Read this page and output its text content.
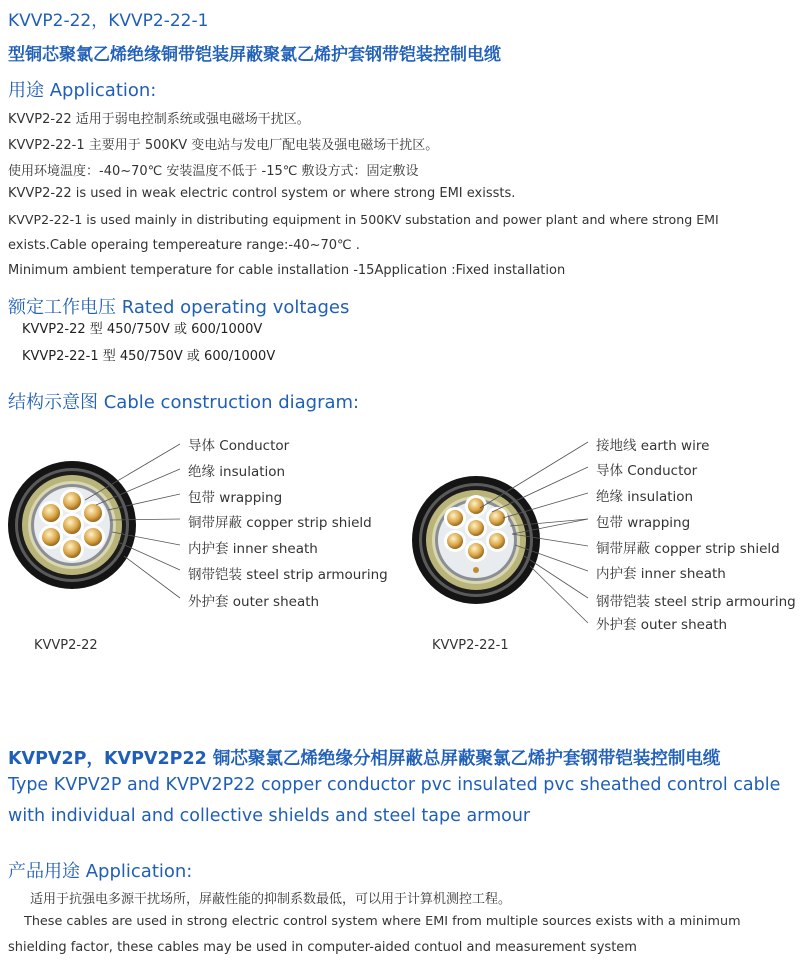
KVVP2-22，KVVP2-22-1
型铜芯聚氯乙烯绝缘铜带铠装屏蔽聚氯乙烯护套钢带铠装控制电缆
用途 Application:
KVVP2-22 适用于弱电控制系统或强电磁场干扰区。
KVVP2-22-1 主要用于 500KV 变电站与发电厂配电装及强电磁场干扰区。
使用环境温度：-40~70℃ 安装温度不低于 -15℃ 敷设方式：固定敷设
KVVP2-22 is used in weak electric control system or where strong EMI exissts.
KVVP2-22-1 is used mainly in distributing equipment in 500KV substation and power plant and where strong EMI
exists.Cable operaing tempereature range:-40~70℃ .
Minimum ambient temperature for cable installation -15Application :Fixed installation
额定工作电压 Rated operating voltages
KVVP2-22 型 450/750V 或 600/1000V
KVVP2-22-1 型 450/750V 或 600/1000V
结构示意图 Cable construction diagram:
导体 Conductor
绝缘 insulation
包带 wrapping
铜带屏蔽 copper strip shield
内护套 inner sheath
钢带铠装 steel strip armouring
外护套 outer sheath
KVVP2-22
接地线 earth wire
导体 Conductor
绝缘 insulation
包带 wrapping
铜带屏蔽 copper strip shield
内护套 inner sheath
钢带铠装 steel strip armouring
外护套 outer sheath
KVVP2-22-1
KVPV2P，KVPV2P22 铜芯聚氯乙烯绝缘分相屏蔽总屏蔽聚氯乙烯护套钢带铠装控制电缆
Type KVPV2P and KVPV2P22 copper conductor pvc insulated pvc sheathed control cable
with individual and collective shields and steel tape armour
产品用途 Application:
适用于抗强电多源干扰场所，屏蔽性能的抑制系数最低，可以用于计算机测控工程。
These cables are used in strong electric control system where EMI from multiple sources exists with a minimum
shielding factor, these cables may be used in computer-aided contuol and measurement system
